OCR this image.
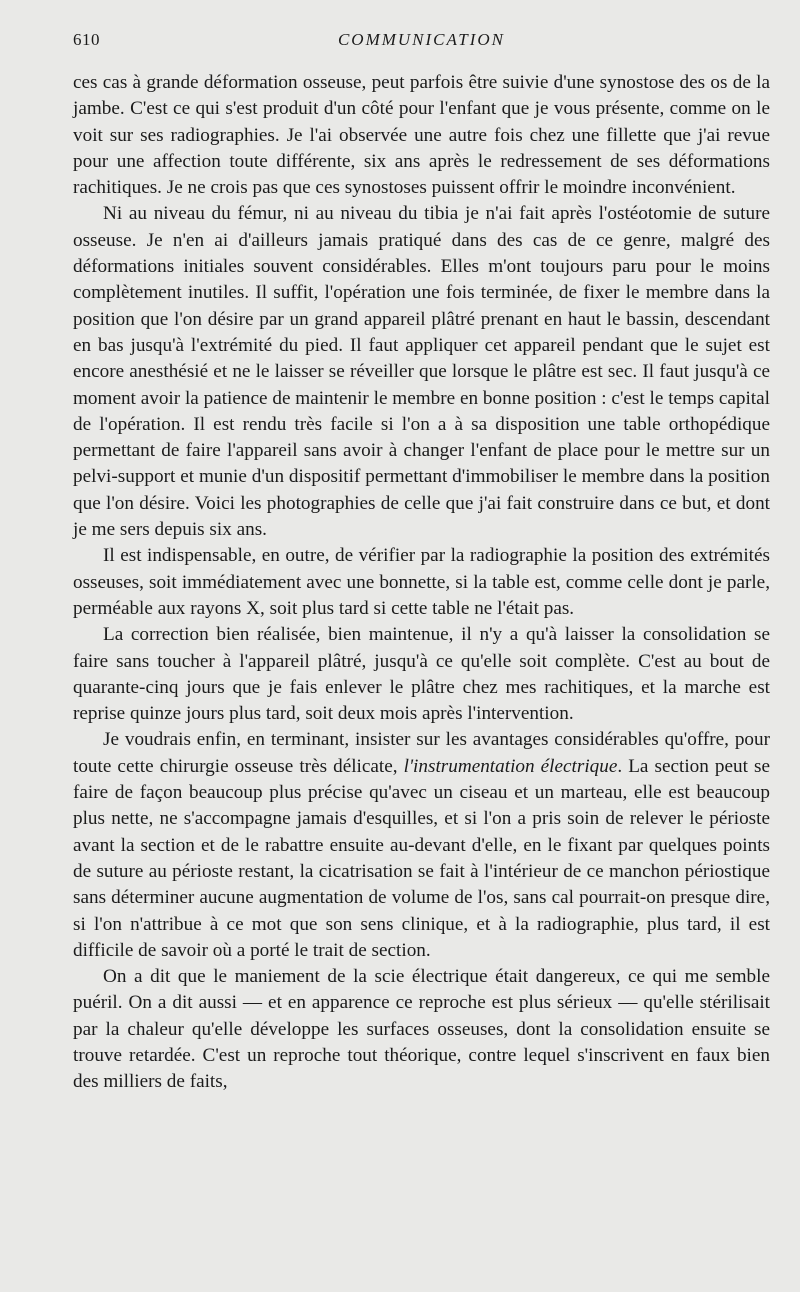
610	COMMUNICATION

ces cas à grande déformation osseuse, peut parfois être suivie d'une synostose des os de la jambe. C'est ce qui s'est produit d'un côté pour l'enfant que je vous présente, comme on le voit sur ses radiographies. Je l'ai observée une autre fois chez une fillette que j'ai revue pour une affection toute différente, six ans après le redressement de ses déformations rachitiques. Je ne crois pas que ces synostoses puissent offrir le moindre inconvénient.

Ni au niveau du fémur, ni au niveau du tibia je n'ai fait après l'ostéotomie de suture osseuse. Je n'en ai d'ailleurs jamais pratiqué dans des cas de ce genre, malgré des déformations initiales souvent considérables. Elles m'ont toujours paru pour le moins complètement inutiles. Il suffit, l'opération une fois terminée, de fixer le membre dans la position que l'on désire par un grand appareil plâtré prenant en haut le bassin, descendant en bas jusqu'à l'extrémité du pied. Il faut appliquer cet appareil pendant que le sujet est encore anesthésié et ne le laisser se réveiller que lorsque le plâtre est sec. Il faut jusqu'à ce moment avoir la patience de maintenir le membre en bonne position : c'est le temps capital de l'opération. Il est rendu très facile si l'on a à sa disposition une table orthopédique permettant de faire l'appareil sans avoir à changer l'enfant de place pour le mettre sur un pelvi-support et munie d'un dispositif permettant d'immobiliser le membre dans la position que l'on désire. Voici les photographies de celle que j'ai fait construire dans ce but, et dont je me sers depuis six ans.

Il est indispensable, en outre, de vérifier par la radiographie la position des extrémités osseuses, soit immédiatement avec une bonnette, si la table est, comme celle dont je parle, perméable aux rayons X, soit plus tard si cette table ne l'était pas.

La correction bien réalisée, bien maintenue, il n'y a qu'à laisser la consolidation se faire sans toucher à l'appareil plâtré, jusqu'à ce qu'elle soit complète. C'est au bout de quarante-cinq jours que je fais enlever le plâtre chez mes rachitiques, et la marche est reprise quinze jours plus tard, soit deux mois après l'intervention.

Je voudrais enfin, en terminant, insister sur les avantages considérables qu'offre, pour toute cette chirurgie osseuse très délicate, l'instrumentation électrique. La section peut se faire de façon beaucoup plus précise qu'avec un ciseau et un marteau, elle est beaucoup plus nette, ne s'accompagne jamais d'esquilles, et si l'on a pris soin de relever le périoste avant la section et de le rabattre ensuite au-devant d'elle, en le fixant par quelques points de suture au périoste restant, la cicatrisation se fait à l'intérieur de ce manchon périostique sans déterminer aucune augmentation de volume de l'os, sans cal pourrait-on presque dire, si l'on n'attribue à ce mot que son sens clinique, et à la radiographie, plus tard, il est difficile de savoir où a porté le trait de section.

On a dit que le maniement de la scie électrique était dangereux, ce qui me semble puéril. On a dit aussi — et en apparence ce reproche est plus sérieux — qu'elle stérilisait par la chaleur qu'elle développe les surfaces osseuses, dont la consolidation ensuite se trouve retardée. C'est un reproche tout théorique, contre lequel s'inscrivent en faux bien des milliers de faits,
